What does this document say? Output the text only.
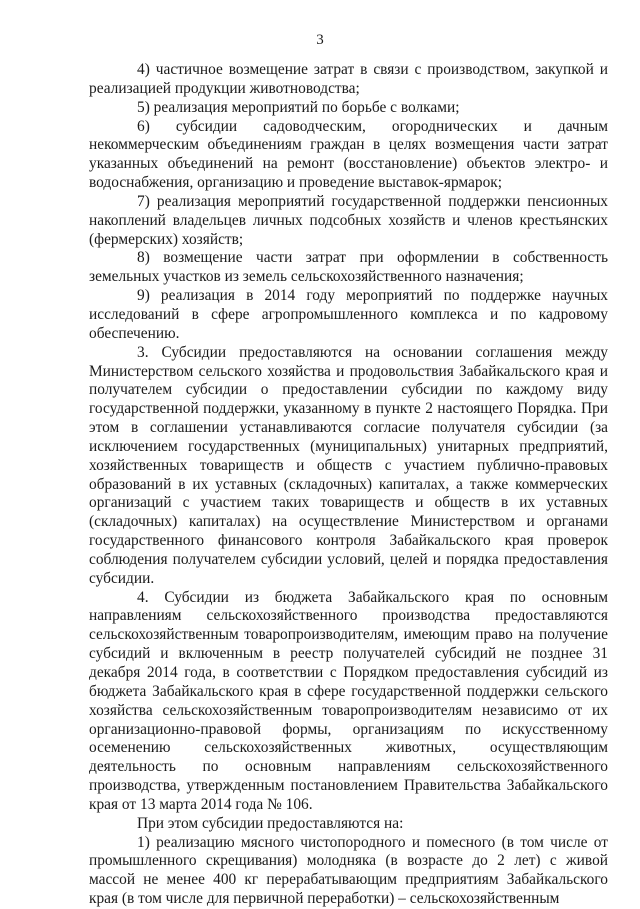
3

4) частичное возмещение затрат в связи с производством, закупкой и реализацией продукции животноводства;

5) реализация мероприятий по борьбе с волками;

6) субсидии садоводческим, огороднических и дачным некоммерческим объединениям граждан в целях возмещения части затрат указанных объединений на ремонт (восстановление) объектов электро- и водоснабжения, организацию и проведение выставок-ярмарок;

7) реализация мероприятий государственной поддержки пенсионных накоплений владельцев личных подсобных хозяйств и членов крестьянских (фермерских) хозяйств;

8) возмещение части затрат при оформлении в собственность земельных участков из земель сельскохозяйственного назначения;

9) реализация в 2014 году мероприятий по поддержке научных исследований в сфере агропромышленного комплекса и по кадровому обеспечению.

3. Субсидии предоставляются на основании соглашения между Министерством сельского хозяйства и продовольствия Забайкальского края и получателем субсидии о предоставлении субсидии по каждому виду государственной поддержки, указанному в пункте 2 настоящего Порядка. При этом в соглашении устанавливаются согласие получателя субсидии (за исключением государственных (муниципальных) унитарных предприятий, хозяйственных товариществ и обществ с участием публично-правовых образований в их уставных (складочных) капиталах, а также коммерческих организаций с участием таких товариществ и обществ в их уставных (складочных) капиталах) на осуществление Министерством и органами государственного финансового контроля Забайкальского края проверок соблюдения получателем субсидии условий, целей и порядка предоставления субсидии.

4. Субсидии из бюджета Забайкальского края по основным направлениям сельскохозяйственного производства предоставляются сельскохозяйственным товаропроизводителям, имеющим право на получение субсидий и включенным в реестр получателей субсидий не позднее 31 декабря 2014 года, в соответствии с Порядком предоставления субсидий из бюджета Забайкальского края в сфере государственной поддержки сельского хозяйства сельскохозяйственным товаропроизводителям независимо от их организационно-правовой формы, организациям по искусственному осеменению сельскохозяйственных животных, осуществляющим деятельность по основным направлениям сельскохозяйственного производства, утвержденным постановлением Правительства Забайкальского края от 13 марта 2014 года № 106.

При этом субсидии предоставляются на:

1) реализацию мясного чистопородного и помесного (в том числе от промышленного скрещивания) молодняка (в возрасте до 2 лет) с живой массой не менее 400 кг перерабатывающим предприятиям Забайкальского края (в том числе для первичной переработки) – сельскохозяйственным
